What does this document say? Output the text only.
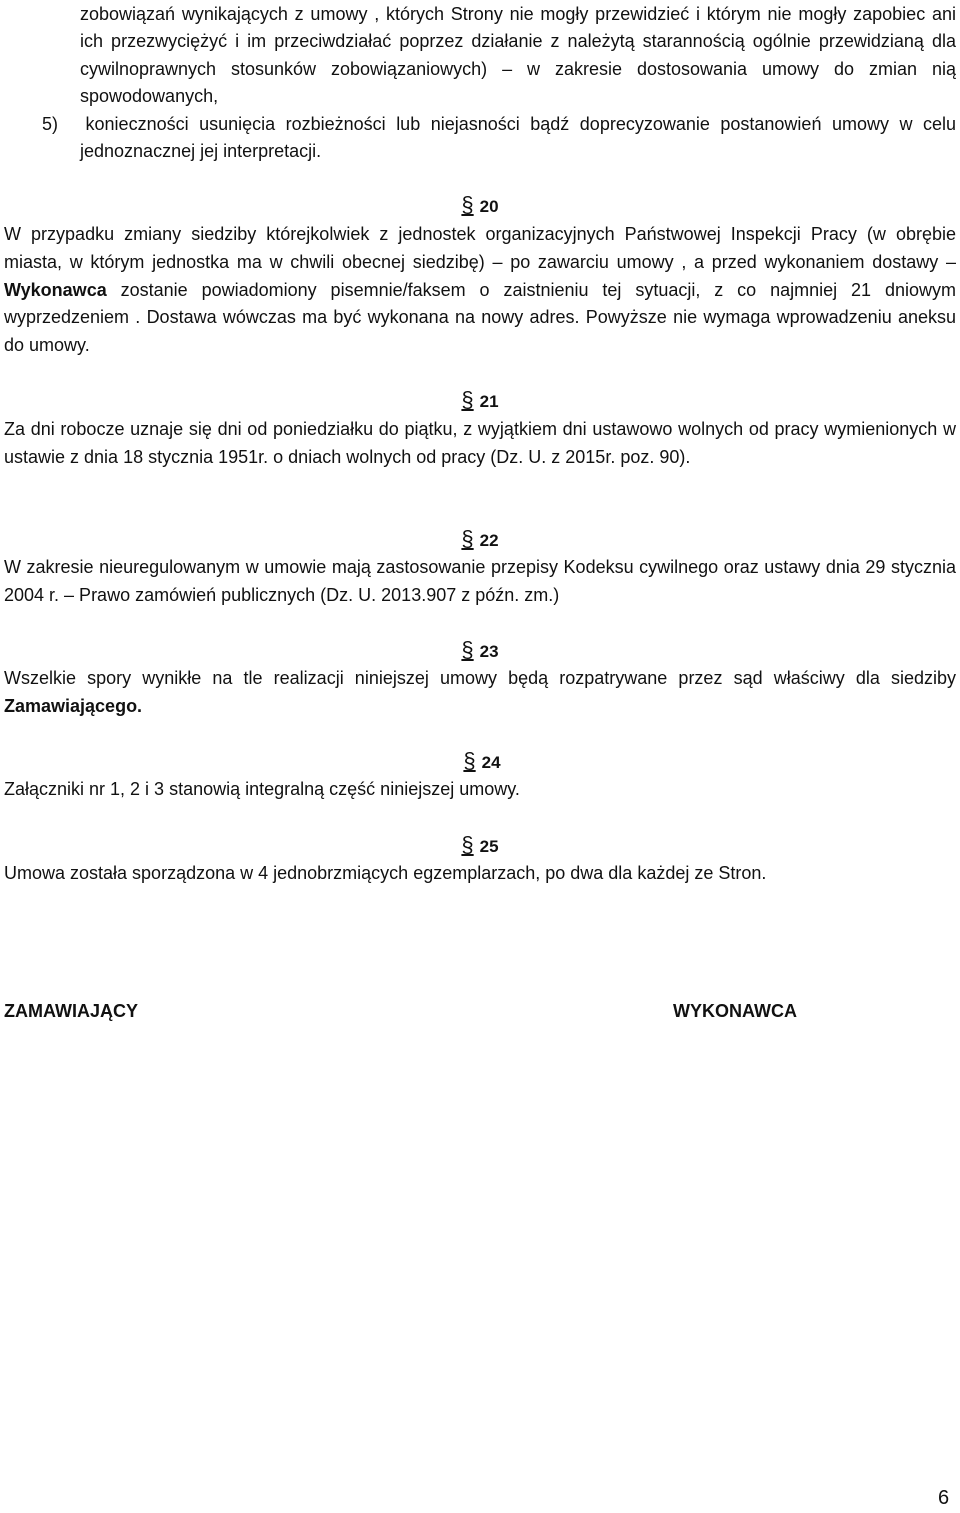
zobowiązań wynikających z umowy , których Strony nie mogły przewidzieć i którym nie mogły zapobiec ani ich przezwyciężyć i im przeciwdziałać poprzez działanie z należytą starannością ogólnie przewidzianą dla cywilnoprawnych stosunków zobowiązaniowych) – w zakresie dostosowania umowy do zmian nią spowodowanych,

5) konieczności usunięcia rozbieżności lub niejasności bądź doprecyzowanie postanowień umowy w celu jednoznacznej jej interpretacji.

§ 20

W przypadku zmiany siedziby którejkolwiek z jednostek organizacyjnych Państwowej Inspekcji Pracy (w obrębie miasta, w którym jednostka ma w chwili obecnej siedzibę) – po zawarciu umowy , a przed wykonaniem dostawy – Wykonawca zostanie powiadomiony pisemnie/faksem o zaistnieniu tej sytuacji, z co najmniej 21 dniowym wyprzedzeniem . Dostawa wówczas ma być wykonana na nowy adres. Powyższe nie wymaga wprowadzeniu aneksu do umowy.

§ 21

Za dni robocze uznaje się dni od poniedziałku do piątku, z wyjątkiem dni ustawowo wolnych od pracy wymienionych w ustawie z dnia 18 stycznia 1951r. o dniach wolnych od pracy (Dz. U. z 2015r. poz. 90).

§ 22

W zakresie nieuregulowanym w umowie mają zastosowanie przepisy Kodeksu cywilnego oraz ustawy dnia 29 stycznia 2004 r. – Prawo zamówień publicznych (Dz. U. 2013.907 z późn. zm.)

§ 23

Wszelkie spory wynikłe na tle realizacji niniejszej umowy będą rozpatrywane przez sąd właściwy dla siedziby Zamawiającego.

§ 24

Załączniki nr 1, 2 i 3 stanowią integralną część niniejszej umowy.

§ 25

Umowa została sporządzona w 4 jednobrzmiących egzemplarzach, po dwa dla każdej ze Stron.

ZAMAWIAJĄCY	WYKONAWCA
6
